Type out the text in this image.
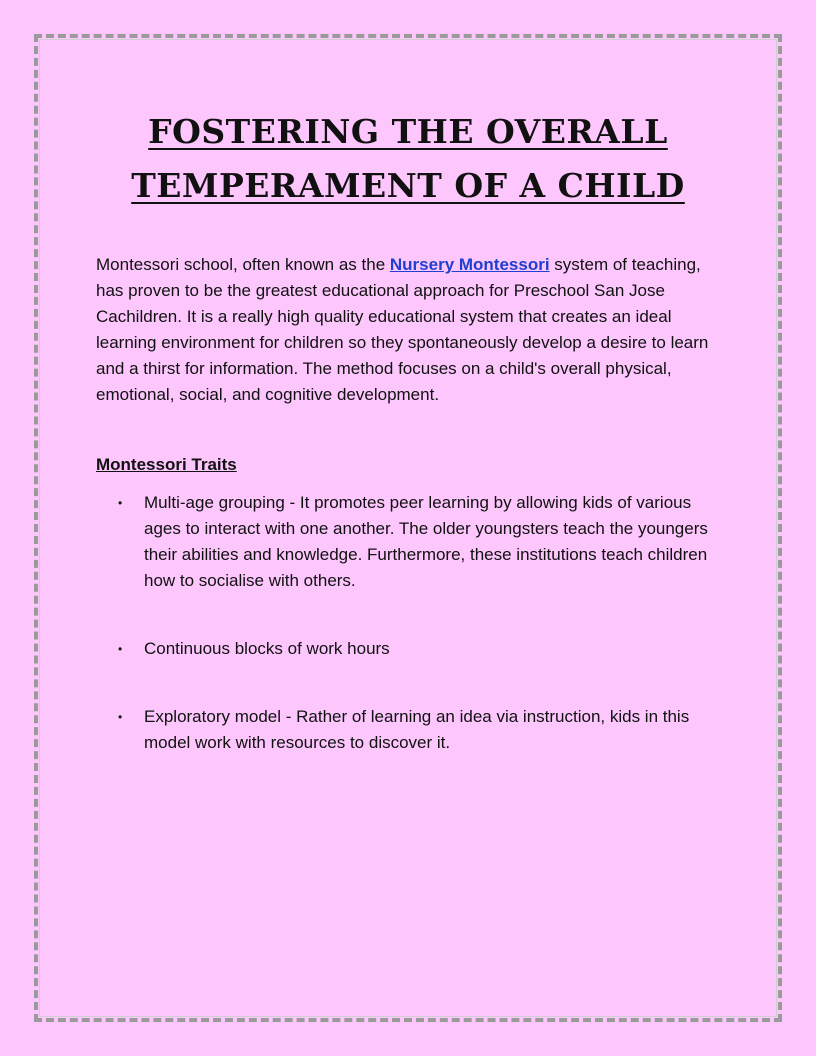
FOSTERING THE OVERALL
TEMPERAMENT OF A CHILD

Montessori school, often known as the Nursery Montessori system of teaching, has proven to be the greatest educational approach for Preschool San Jose Cachildren. It is a really high quality educational system that creates an ideal learning environment for children so they spontaneously develop a desire to learn and a thirst for information. The method focuses on a child's overall physical, emotional, social, and cognitive development.

Montessori Traits

• Multi-age grouping - It promotes peer learning by allowing kids of various ages to interact with one another. The older youngsters teach the youngers their abilities and knowledge. Furthermore, these institutions teach children how to socialise with others.
• Continuous blocks of work hours
• Exploratory model - Rather of learning an idea via instruction, kids in this model work with resources to discover it.
